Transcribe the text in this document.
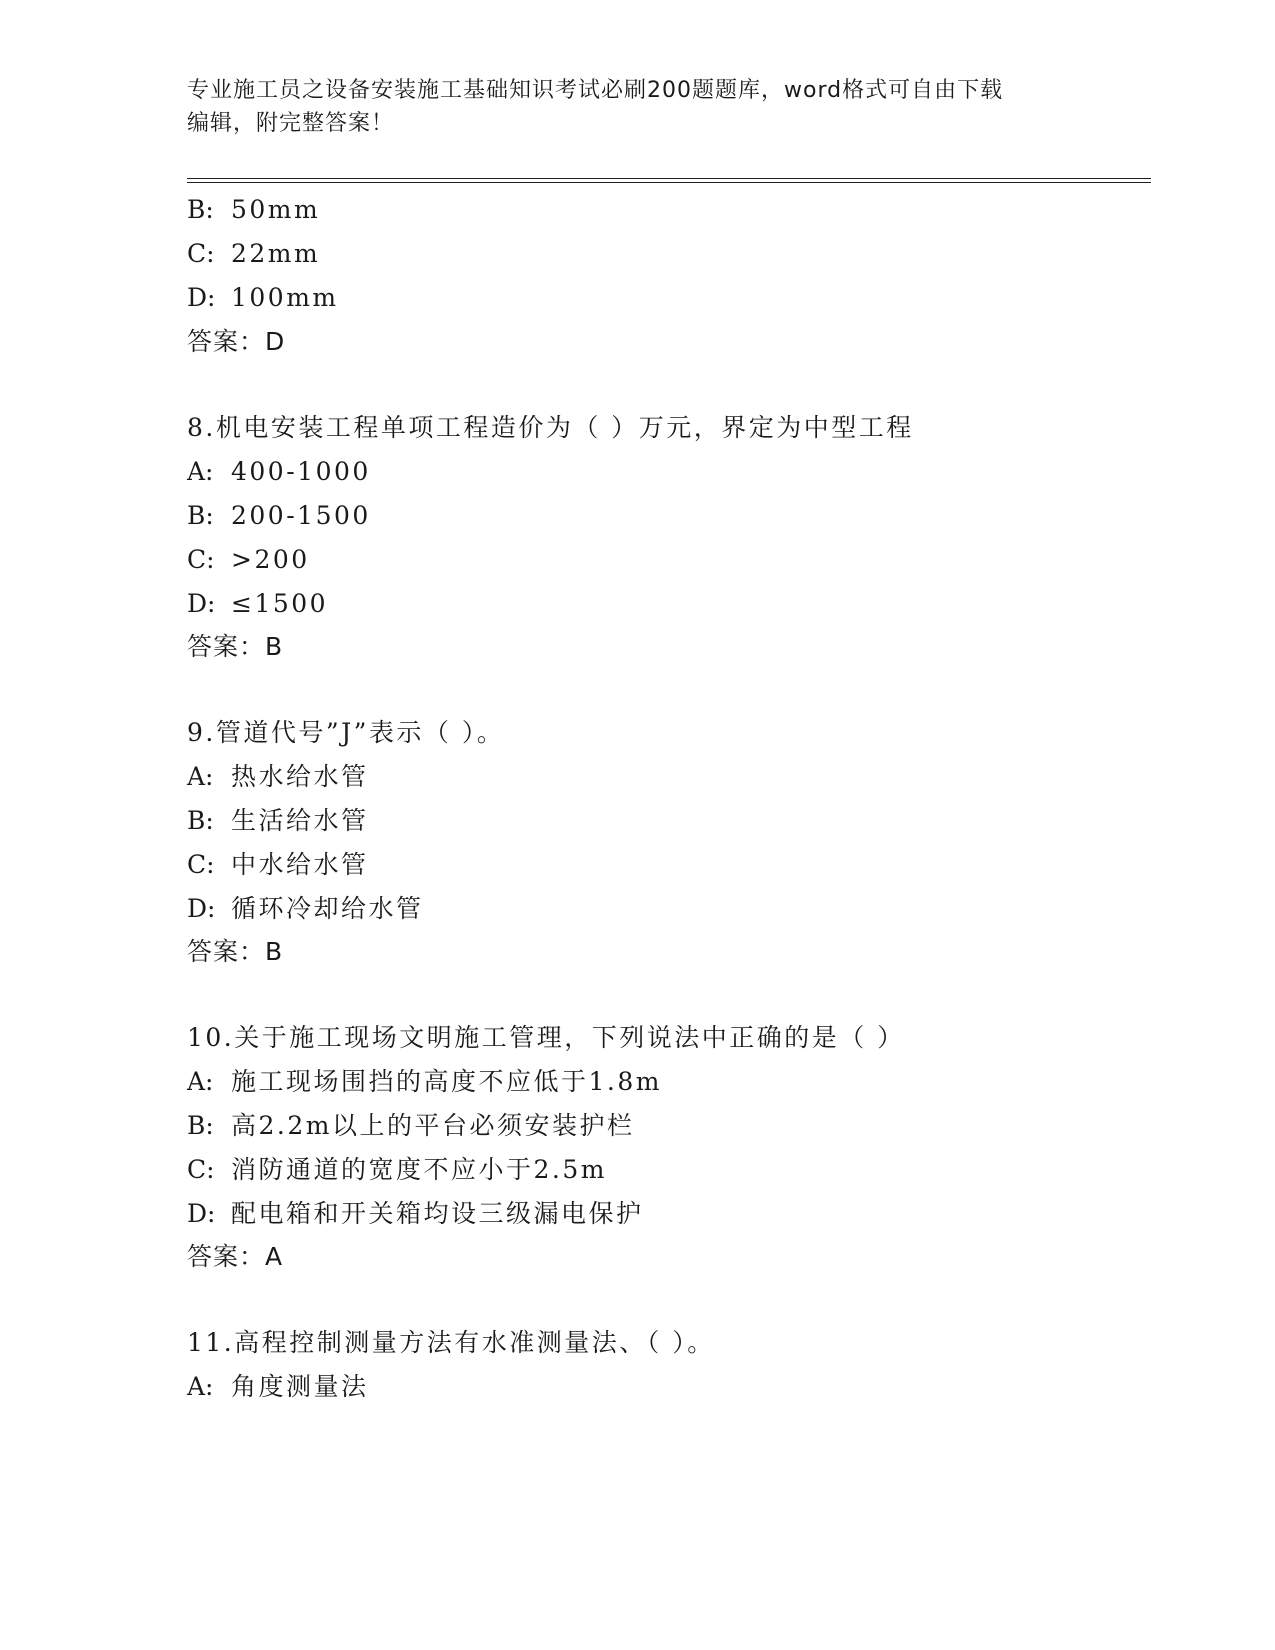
专业施工员之设备安装施工基础知识考试必刷200题题库，word格式可自由下载
编辑，附完整答案！
B: 50mm
C: 22mm
D: 100mm
答案：D
8.机电安装工程单项工程造价为（ ）万元，界定为中型工程
A: 400-1000
B: 200-1500
C: >200
D: ≤1500
答案：B
9.管道代号”J”表示（ ）。
A: 热水给水管
B: 生活给水管
C: 中水给水管
D: 循环冷却给水管
答案：B
10.关于施工现场文明施工管理，下列说法中正确的是（ ）
A: 施工现场围挡的高度不应低于1.8m
B: 高2.2m以上的平台必须安装护栏
C: 消防通道的宽度不应小于2.5m
D: 配电箱和开关箱均设三级漏电保护
答案：A
11.高程控制测量方法有水准测量法、（ ）。
A: 角度测量法
